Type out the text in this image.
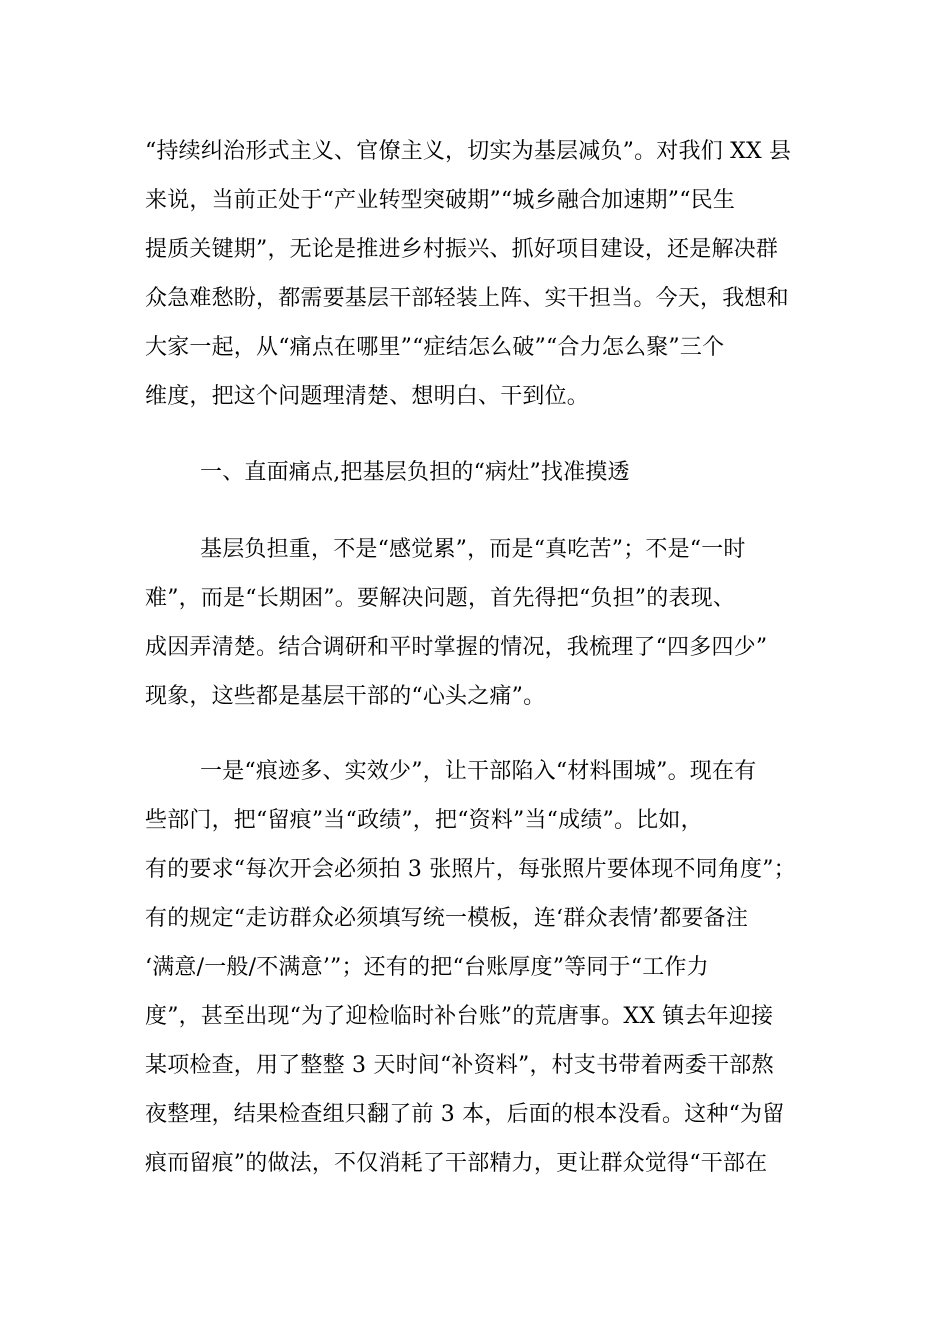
“持续纠治形式主义、官僚主义，切实为基层减负”。对我们 XX 县

来说，当前正处于“产业转型突破期”“城乡融合加速期”“民生

提质关键期”，无论是推进乡村振兴、抓好项目建设，还是解决群

众急难愁盼，都需要基层干部轻装上阵、实干担当。今天，我想和

大家一起，从“痛点在哪里”“症结怎么破”“合力怎么聚”三个

维度，把这个问题理清楚、想明白、干到位。

一、直面痛点,把基层负担的“病灶”找准摸透

基层负担重，不是“感觉累”，而是“真吃苦”；不是“一时

难”，而是“长期困”。要解决问题，首先得把“负担”的表现、

成因弄清楚。结合调研和平时掌握的情况，我梳理了“四多四少”

现象，这些都是基层干部的“心头之痛”。

一是“痕迹多、实效少”，让干部陷入“材料围城”。现在有

些部门，把“留痕”当“政绩”，把“资料”当“成绩”。比如，

有的要求“每次开会必须拍 3 张照片，每张照片要体现不同角度”；

有的规定“走访群众必须填写统一模板，连‘群众表情’都要备注

‘满意/一般/不满意’”；还有的把“台账厚度”等同于“工作力

度”，甚至出现“为了迎检临时补台账”的荒唐事。XX 镇去年迎接

某项检查，用了整整 3 天时间“补资料”，村支书带着两委干部熬

夜整理，结果检查组只翻了前 3 本，后面的根本没看。这种“为留

痕而留痕”的做法，不仅消耗了干部精力，更让群众觉得“干部在
